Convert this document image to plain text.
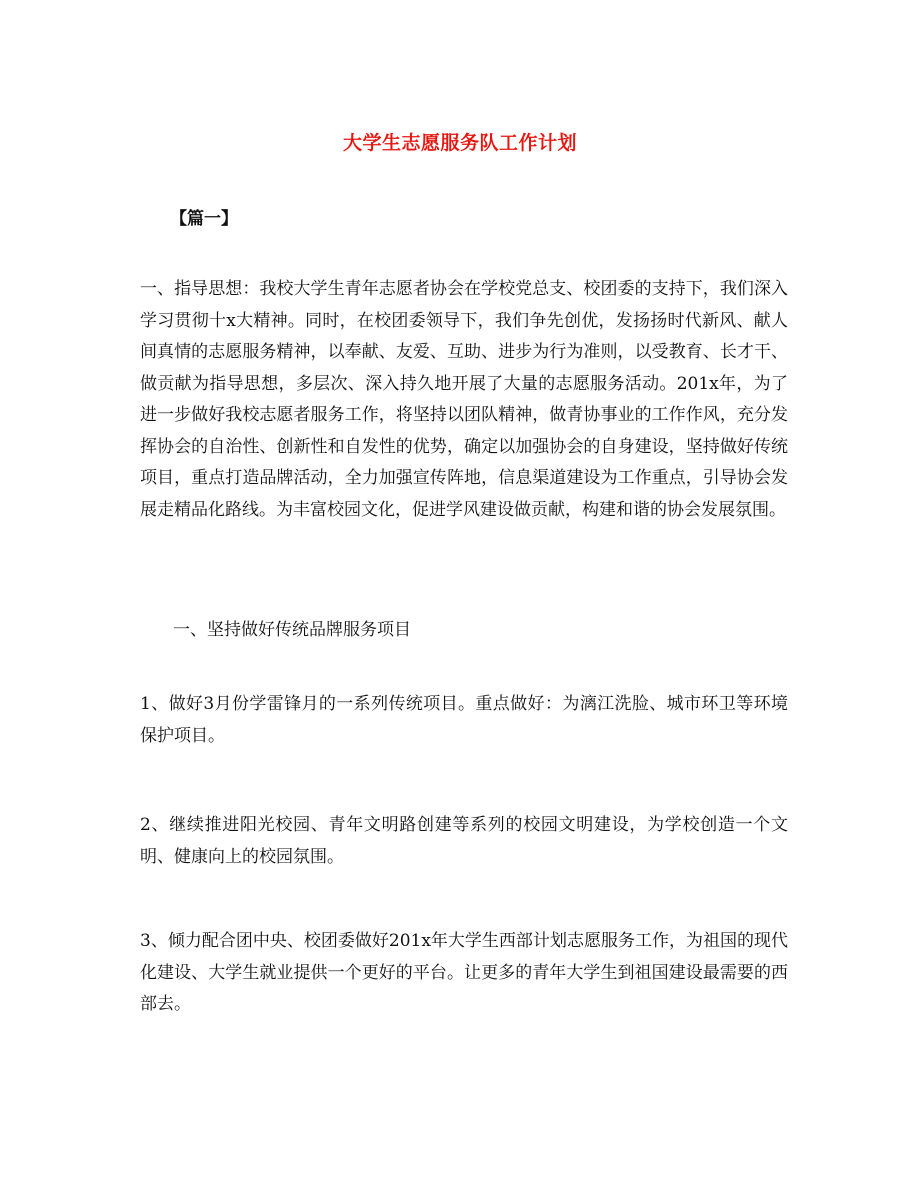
大学生志愿服务队工作计划
【篇一】

一、指导思想：我校大学生青年志愿者协会在学校党总支、校团委的支持下，我们深入学习贯彻十x大精神。同时，在校团委领导下，我们争先创优，发扬扬时代新风、献人间真情的志愿服务精神，以奉献、友爱、互助、进步为行为准则，以受教育、长才干、做贡献为指导思想，多层次、深入持久地开展了大量的志愿服务活动。201x年，为了进一步做好我校志愿者服务工作，将坚持以团队精神，做青协事业的工作作风，充分发挥协会的自治性、创新性和自发性的优势，确定以加强协会的自身建设，坚持做好传统项目，重点打造品牌活动，全力加强宣传阵地，信息渠道建设为工作重点，引导协会发展走精品化路线。为丰富校园文化，促进学风建设做贡献，构建和谐的协会发展氛围。

一、坚持做好传统品牌服务项目

1、做好3月份学雷锋月的一系列传统项目。重点做好：为漓江洗脸、城市环卫等环境保护项目。

2、继续推进阳光校园、青年文明路创建等系列的校园文明建设，为学校创造一个文明、健康向上的校园氛围。

3、倾力配合团中央、校团委做好201x年大学生西部计划志愿服务工作，为祖国的现代化建设、大学生就业提供一个更好的平台。让更多的青年大学生到祖国建设最需要的西部去。
